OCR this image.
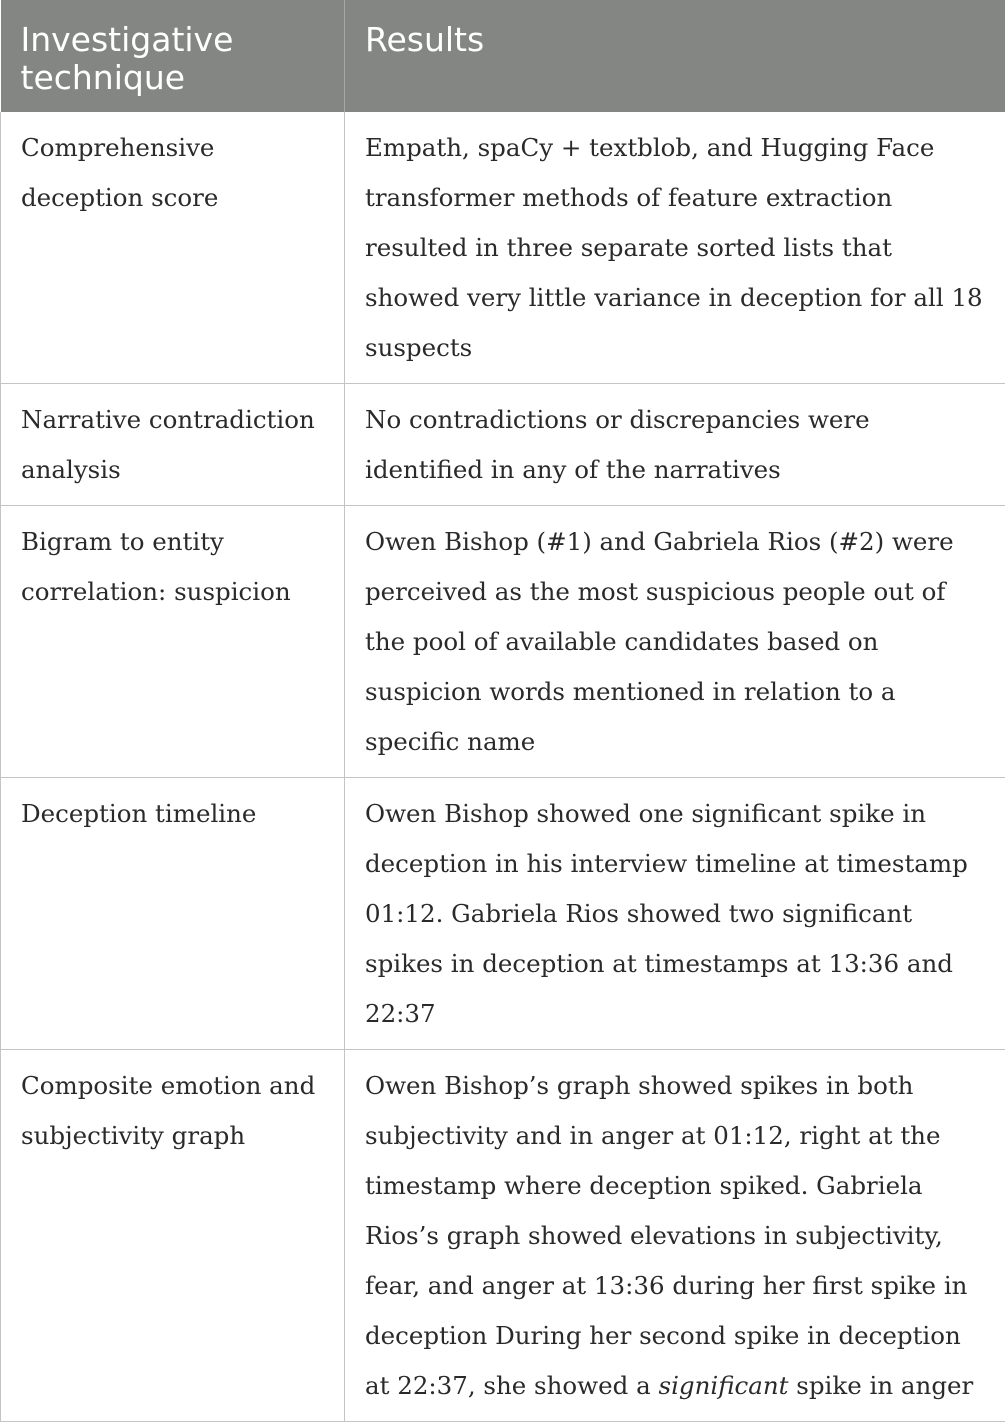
Investigative technique	Results
Comprehensive deception score	Empath, spaCy + textblob, and Hugging Face transformer methods of feature extraction resulted in three separate sorted lists that showed very little variance in deception for all 18 suspects
Narrative contradiction analysis	No contradictions or discrepancies were identified in any of the narratives
Bigram to entity correlation: suspicion	Owen Bishop (#1) and Gabriela Rios (#2) were perceived as the most suspicious people out of the pool of available candidates based on suspicion words mentioned in relation to a specific name
Deception timeline	Owen Bishop showed one significant spike in deception in his interview timeline at timestamp 01:12. Gabriela Rios showed two significant spikes in deception at timestamps at 13:36 and 22:37
Composite emotion and subjectivity graph	Owen Bishop’s graph showed spikes in both subjectivity and in anger at 01:12, right at the timestamp where deception spiked. Gabriela Rios’s graph showed elevations in subjectivity, fear, and anger at 13:36 during her first spike in deception During her second spike in deception at 22:37, she showed a significant spike in anger
